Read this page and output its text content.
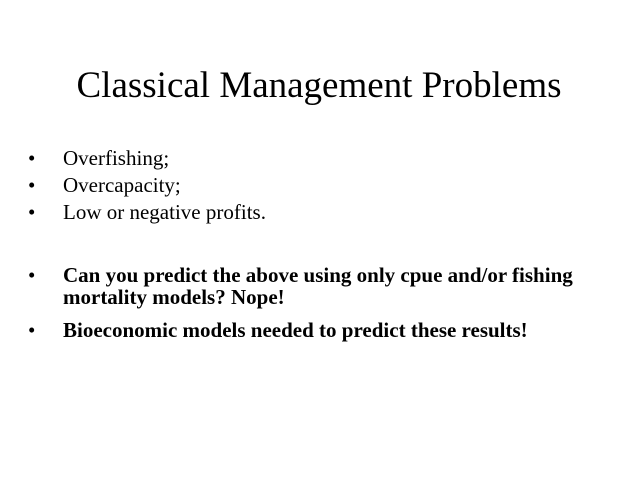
Classical Management Problems
•	Overfishing;
•	Overcapacity;
•	Low or negative profits.
•	Can you predict the above using only cpue and/or fishing mortality models? Nope!
•	Bioeconomic models needed to predict these results!
